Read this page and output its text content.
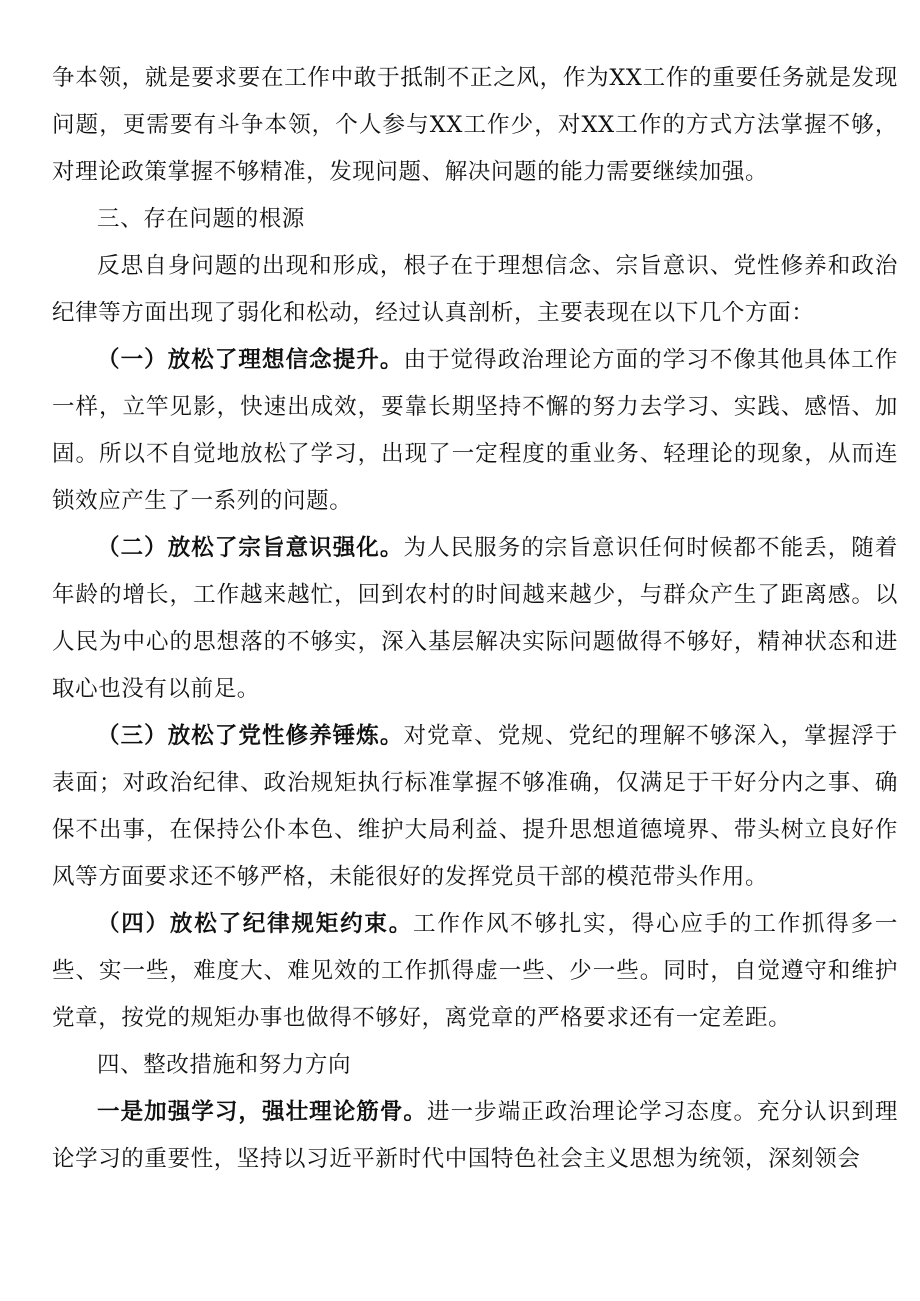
争本领，就是要求要在工作中敢于抵制不正之风，作为XX工作的重要任务就是发现问题，更需要有斗争本领，个人参与XX工作少，对XX工作的方式方法掌握不够，对理论政策掌握不够精准，发现问题、解决问题的能力需要继续加强。

三、存在问题的根源

反思自身问题的出现和形成，根子在于理想信念、宗旨意识、党性修养和政治纪律等方面出现了弱化和松动，经过认真剖析，主要表现在以下几个方面：

（一）放松了理想信念提升。由于觉得政治理论方面的学习不像其他具体工作一样，立竿见影，快速出成效，要靠长期坚持不懈的努力去学习、实践、感悟、加固。所以不自觉地放松了学习，出现了一定程度的重业务、轻理论的现象，从而连锁效应产生了一系列的问题。

（二）放松了宗旨意识强化。为人民服务的宗旨意识任何时候都不能丢，随着年龄的增长，工作越来越忙，回到农村的时间越来越少，与群众产生了距离感。以人民为中心的思想落的不够实，深入基层解决实际问题做得不够好，精神状态和进取心也没有以前足。

（三）放松了党性修养锤炼。对党章、党规、党纪的理解不够深入，掌握浮于表面；对政治纪律、政治规矩执行标准掌握不够准确，仅满足于干好分内之事、确保不出事，在保持公仆本色、维护大局利益、提升思想道德境界、带头树立良好作风等方面要求还不够严格，未能很好的发挥党员干部的模范带头作用。

（四）放松了纪律规矩约束。工作作风不够扎实，得心应手的工作抓得多一些、实一些，难度大、难见效的工作抓得虚一些、少一些。同时，自觉遵守和维护党章，按党的规矩办事也做得不够好，离党章的严格要求还有一定差距。

四、整改措施和努力方向

一是加强学习，强壮理论筋骨。进一步端正政治理论学习态度。充分认识到理论学习的重要性，坚持以习近平新时代中国特色社会主义思想为统领，深刻领会
